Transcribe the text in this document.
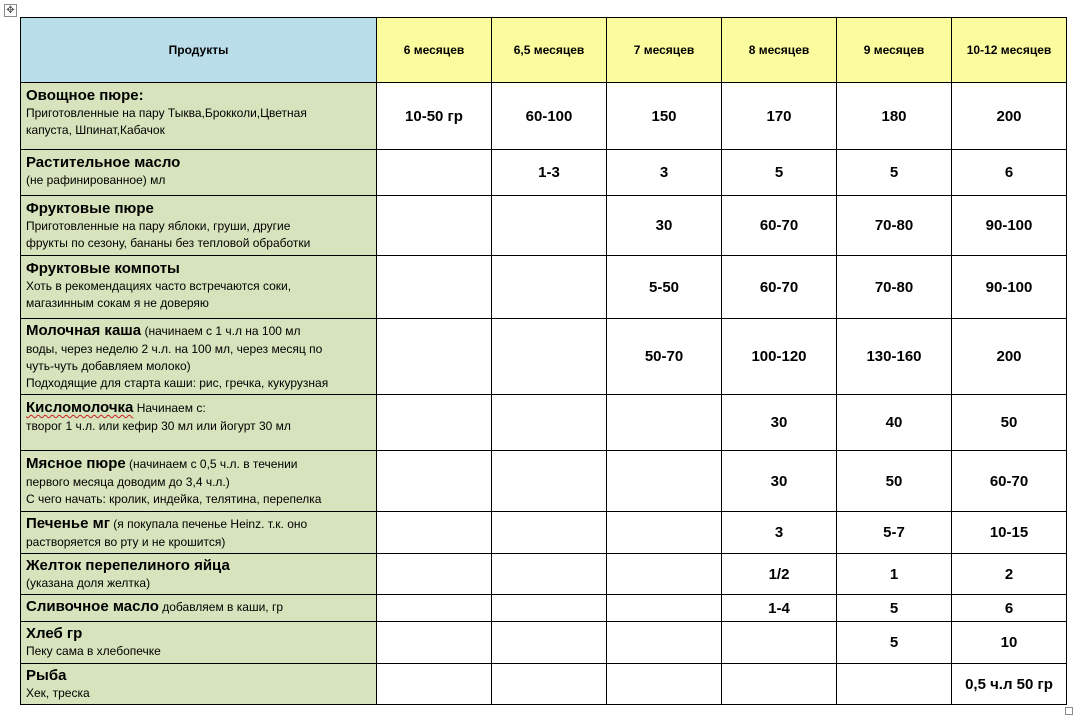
✥
Продукты	6 месяцев	6,5 месяцев	7 месяцев	8 месяцев	9 месяцев	10-12 месяцев

Овощное пюре:
Приготовленные на пару Тыква,Брокколи,Цветная
капуста, Шпинат,Кабачок	10-50 гр	60-100	150	170	180	200

Растительное масло
(не рафинированное) мл		1-3	3	5	5	6

Фруктовые пюре
Приготовленные на пару яблоки, груши, другие
фрукты по сезону, бананы без тепловой обработки			30	60-70	70-80	90-100

Фруктовые компоты
Хоть в рекомендациях часто встречаются соки,
магазинным сокам я не доверяю			5-50	60-70	70-80	90-100

Молочная каша (начинаем с 1 ч.л на 100 мл
воды, через неделю 2 ч.л. на 100 мл, через месяц по
чуть-чуть добавляем молоко)
Подходящие для старта каши: рис, гречка, кукурузная			50-70	100-120	130-160	200

Кисломолочка Начинаем с:
творог 1 ч.л. или кефир 30 мл или йогурт 30 мл				30	40	50

Мясное пюре (начинаем с 0,5 ч.л. в течении
первого месяца доводим до 3,4 ч.л.)
С чего начать: кролик, индейка, телятина, перепелка				30	50	60-70

Печенье мг (я покупала печенье Heinz. т.к. оно
растворяется во рту и не крошится)				3	5-7	10-15

Желток перепелиного яйца
(указана доля желтка)				1/2	1	2

Сливочное масло добавляем в каши, гр				1-4	5	6

Хлеб гр
Пеку сама в хлебопечке					5	10

Рыба
Хек, треска						0,5 ч.л 50 гр
